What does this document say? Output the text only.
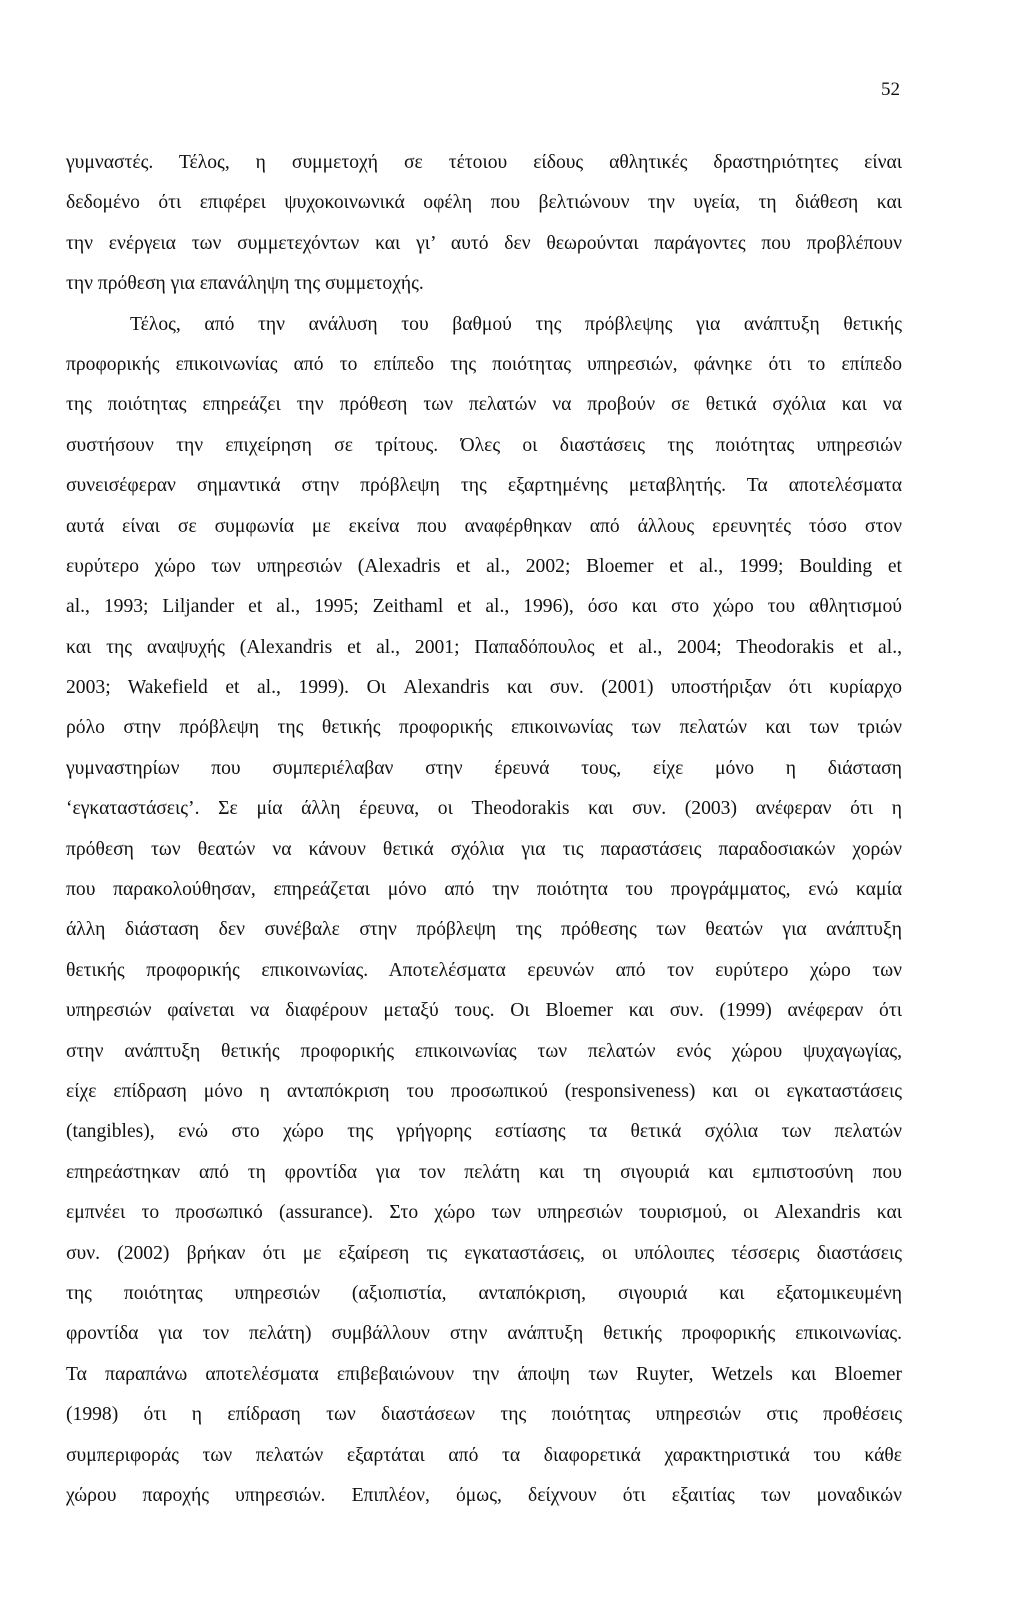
52
γυμναστές. Τέλος, η συμμετοχή σε τέτοιου είδους αθλητικές δραστηριότητες είναι
δεδομένο ότι επιφέρει ψυχοκοινωνικά οφέλη που βελτιώνουν την υγεία, τη διάθεση και
την ενέργεια των συμμετεχόντων και γι’ αυτό δεν θεωρούνται παράγοντες που προβλέπουν
την πρόθεση για επανάληψη της συμμετοχής.
Τέλος, από την ανάλυση του βαθμού της πρόβλεψης για ανάπτυξη θετικής
προφορικής επικοινωνίας από το επίπεδο της ποιότητας υπηρεσιών, φάνηκε ότι το επίπεδο
της ποιότητας επηρεάζει την πρόθεση των πελατών να προβούν σε θετικά σχόλια και να
συστήσουν την επιχείρηση σε τρίτους. Όλες οι διαστάσεις της ποιότητας υπηρεσιών
συνεισέφεραν σημαντικά στην πρόβλεψη της εξαρτημένης μεταβλητής. Τα αποτελέσματα
αυτά είναι σε συμφωνία με εκείνα που αναφέρθηκαν από άλλους ερευνητές τόσο στον
ευρύτερο χώρο των υπηρεσιών (Alexadris et al., 2002; Bloemer et al., 1999; Boulding et
al., 1993; Liljander et al., 1995; Zeithaml et al., 1996), όσο και στο χώρο του αθλητισμού
και της αναψυχής (Alexandris et al., 2001; Παπαδόπουλος et al., 2004; Theodorakis et al.,
2003; Wakefield et al., 1999). Οι Alexandris και συν. (2001) υποστήριξαν ότι κυρίαρχο
ρόλο στην πρόβλεψη της θετικής προφορικής επικοινωνίας των πελατών και των τριών
γυμναστηρίων που συμπεριέλαβαν στην έρευνά τους, είχε μόνο η διάσταση
‘εγκαταστάσεις’. Σε μία άλλη έρευνα, οι Theodorakis και συν. (2003) ανέφεραν ότι η
πρόθεση των θεατών να κάνουν θετικά σχόλια για τις παραστάσεις παραδοσιακών χορών
που παρακολούθησαν, επηρεάζεται μόνο από την ποιότητα του προγράμματος, ενώ καμία
άλλη διάσταση δεν συνέβαλε στην πρόβλεψη της πρόθεσης των θεατών για ανάπτυξη
θετικής προφορικής επικοινωνίας. Αποτελέσματα ερευνών από τον ευρύτερο χώρο των
υπηρεσιών φαίνεται να διαφέρουν μεταξύ τους. Οι Bloemer και συν. (1999) ανέφεραν ότι
στην ανάπτυξη θετικής προφορικής επικοινωνίας των πελατών ενός χώρου ψυχαγωγίας,
είχε επίδραση μόνο η ανταπόκριση του προσωπικού (responsiveness) και οι εγκαταστάσεις
(tangibles), ενώ στο χώρο της γρήγορης εστίασης τα θετικά σχόλια των πελατών
επηρεάστηκαν από τη φροντίδα για τον πελάτη και τη σιγουριά και εμπιστοσύνη που
εμπνέει το προσωπικό (assurance). Στο χώρο των υπηρεσιών τουρισμού, οι Alexandris και
συν. (2002) βρήκαν ότι με εξαίρεση τις εγκαταστάσεις, οι υπόλοιπες τέσσερις διαστάσεις
της ποιότητας υπηρεσιών (αξιοπιστία, ανταπόκριση, σιγουριά και εξατομικευμένη
φροντίδα για τον πελάτη) συμβάλλουν στην ανάπτυξη θετικής προφορικής επικοινωνίας.
Τα παραπάνω αποτελέσματα επιβεβαιώνουν την άποψη των Ruyter, Wetzels και Bloemer
(1998) ότι η επίδραση των διαστάσεων της ποιότητας υπηρεσιών στις προθέσεις
συμπεριφοράς των πελατών εξαρτάται από τα διαφορετικά χαρακτηριστικά του κάθε
χώρου παροχής υπηρεσιών. Επιπλέον, όμως, δείχνουν ότι εξαιτίας των μοναδικών
